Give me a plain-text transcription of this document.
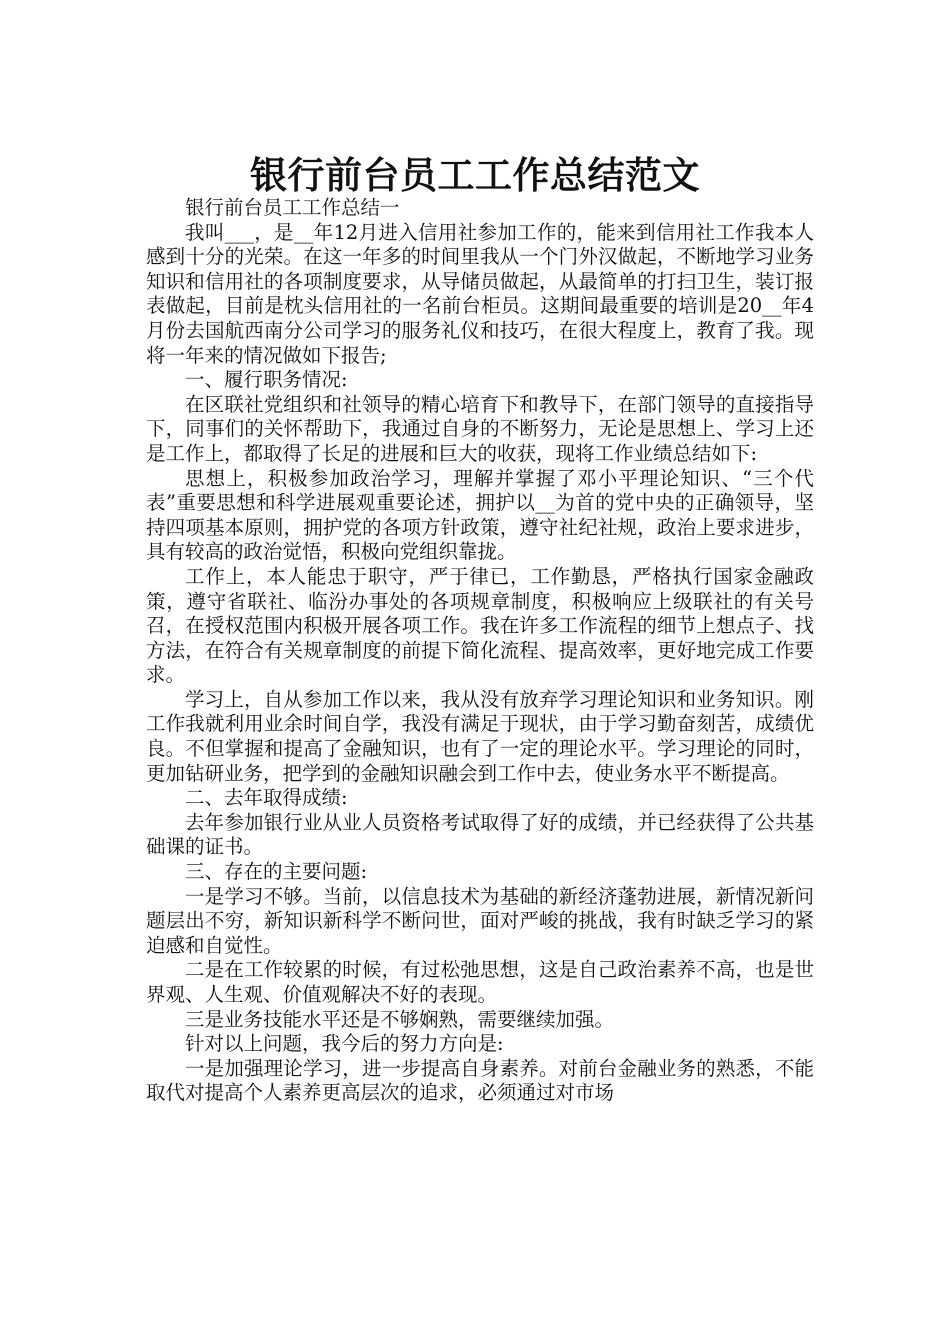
银行前台员工工作总结范文

银行前台员工工作总结一

我叫___，是__年12月进入信用社参加工作的，能来到信用社工作我本人感到十分的光荣。在这一年多的时间里我从一个门外汉做起，不断地学习业务知识和信用社的各项制度要求，从导储员做起，从最简单的打扫卫生，装订报表做起，目前是枕头信用社的一名前台柜员。这期间最重要的培训是20__年4月份去国航西南分公司学习的服务礼仪和技巧，在很大程度上，教育了我。现将一年来的情况做如下报告;

一、履行职务情况:

在区联社党组织和社领导的精心培育下和教导下，在部门领导的直接指导下，同事们的关怀帮助下，我通过自身的不断努力，无论是思想上、学习上还是工作上，都取得了长足的进展和巨大的收获，现将工作业绩总结如下:

思想上，积极参加政治学习，理解并掌握了邓小平理论知识、“三个代表”重要思想和科学进展观重要论述，拥护以__为首的党中央的正确领导，坚持四项基本原则，拥护党的各项方针政策，遵守社纪社规，政治上要求进步，具有较高的政治觉悟，积极向党组织靠拢。

工作上，本人能忠于职守，严于律已，工作勤恳，严格执行国家金融政策，遵守省联社、临汾办事处的各项规章制度，积极响应上级联社的有关号召，在授权范围内积极开展各项工作。我在许多工作流程的细节上想点子、找方法，在符合有关规章制度的前提下简化流程、提高效率，更好地完成工作要求。

学习上，自从参加工作以来，我从没有放弃学习理论知识和业务知识。刚工作我就利用业余时间自学，我没有满足于现状，由于学习勤奋刻苦，成绩优良。不但掌握和提高了金融知识，也有了一定的理论水平。学习理论的同时，更加钻研业务，把学到的金融知识融会到工作中去，使业务水平不断提高。

二、去年取得成绩:

去年参加银行业从业人员资格考试取得了好的成绩，并已经获得了公共基础课的证书。

三、存在的主要问题:

一是学习不够。当前，以信息技术为基础的新经济蓬勃进展，新情况新问题层出不穷，新知识新科学不断问世，面对严峻的挑战，我有时缺乏学习的紧迫感和自觉性。

二是在工作较累的时候，有过松弛思想，这是自己政治素养不高，也是世界观、人生观、价值观解决不好的表现。

三是业务技能水平还是不够娴熟，需要继续加强。

针对以上问题，我今后的努力方向是:

一是加强理论学习，进一步提高自身素养。对前台金融业务的熟悉，不能取代对提高个人素养更高层次的追求，必须通过对市场
